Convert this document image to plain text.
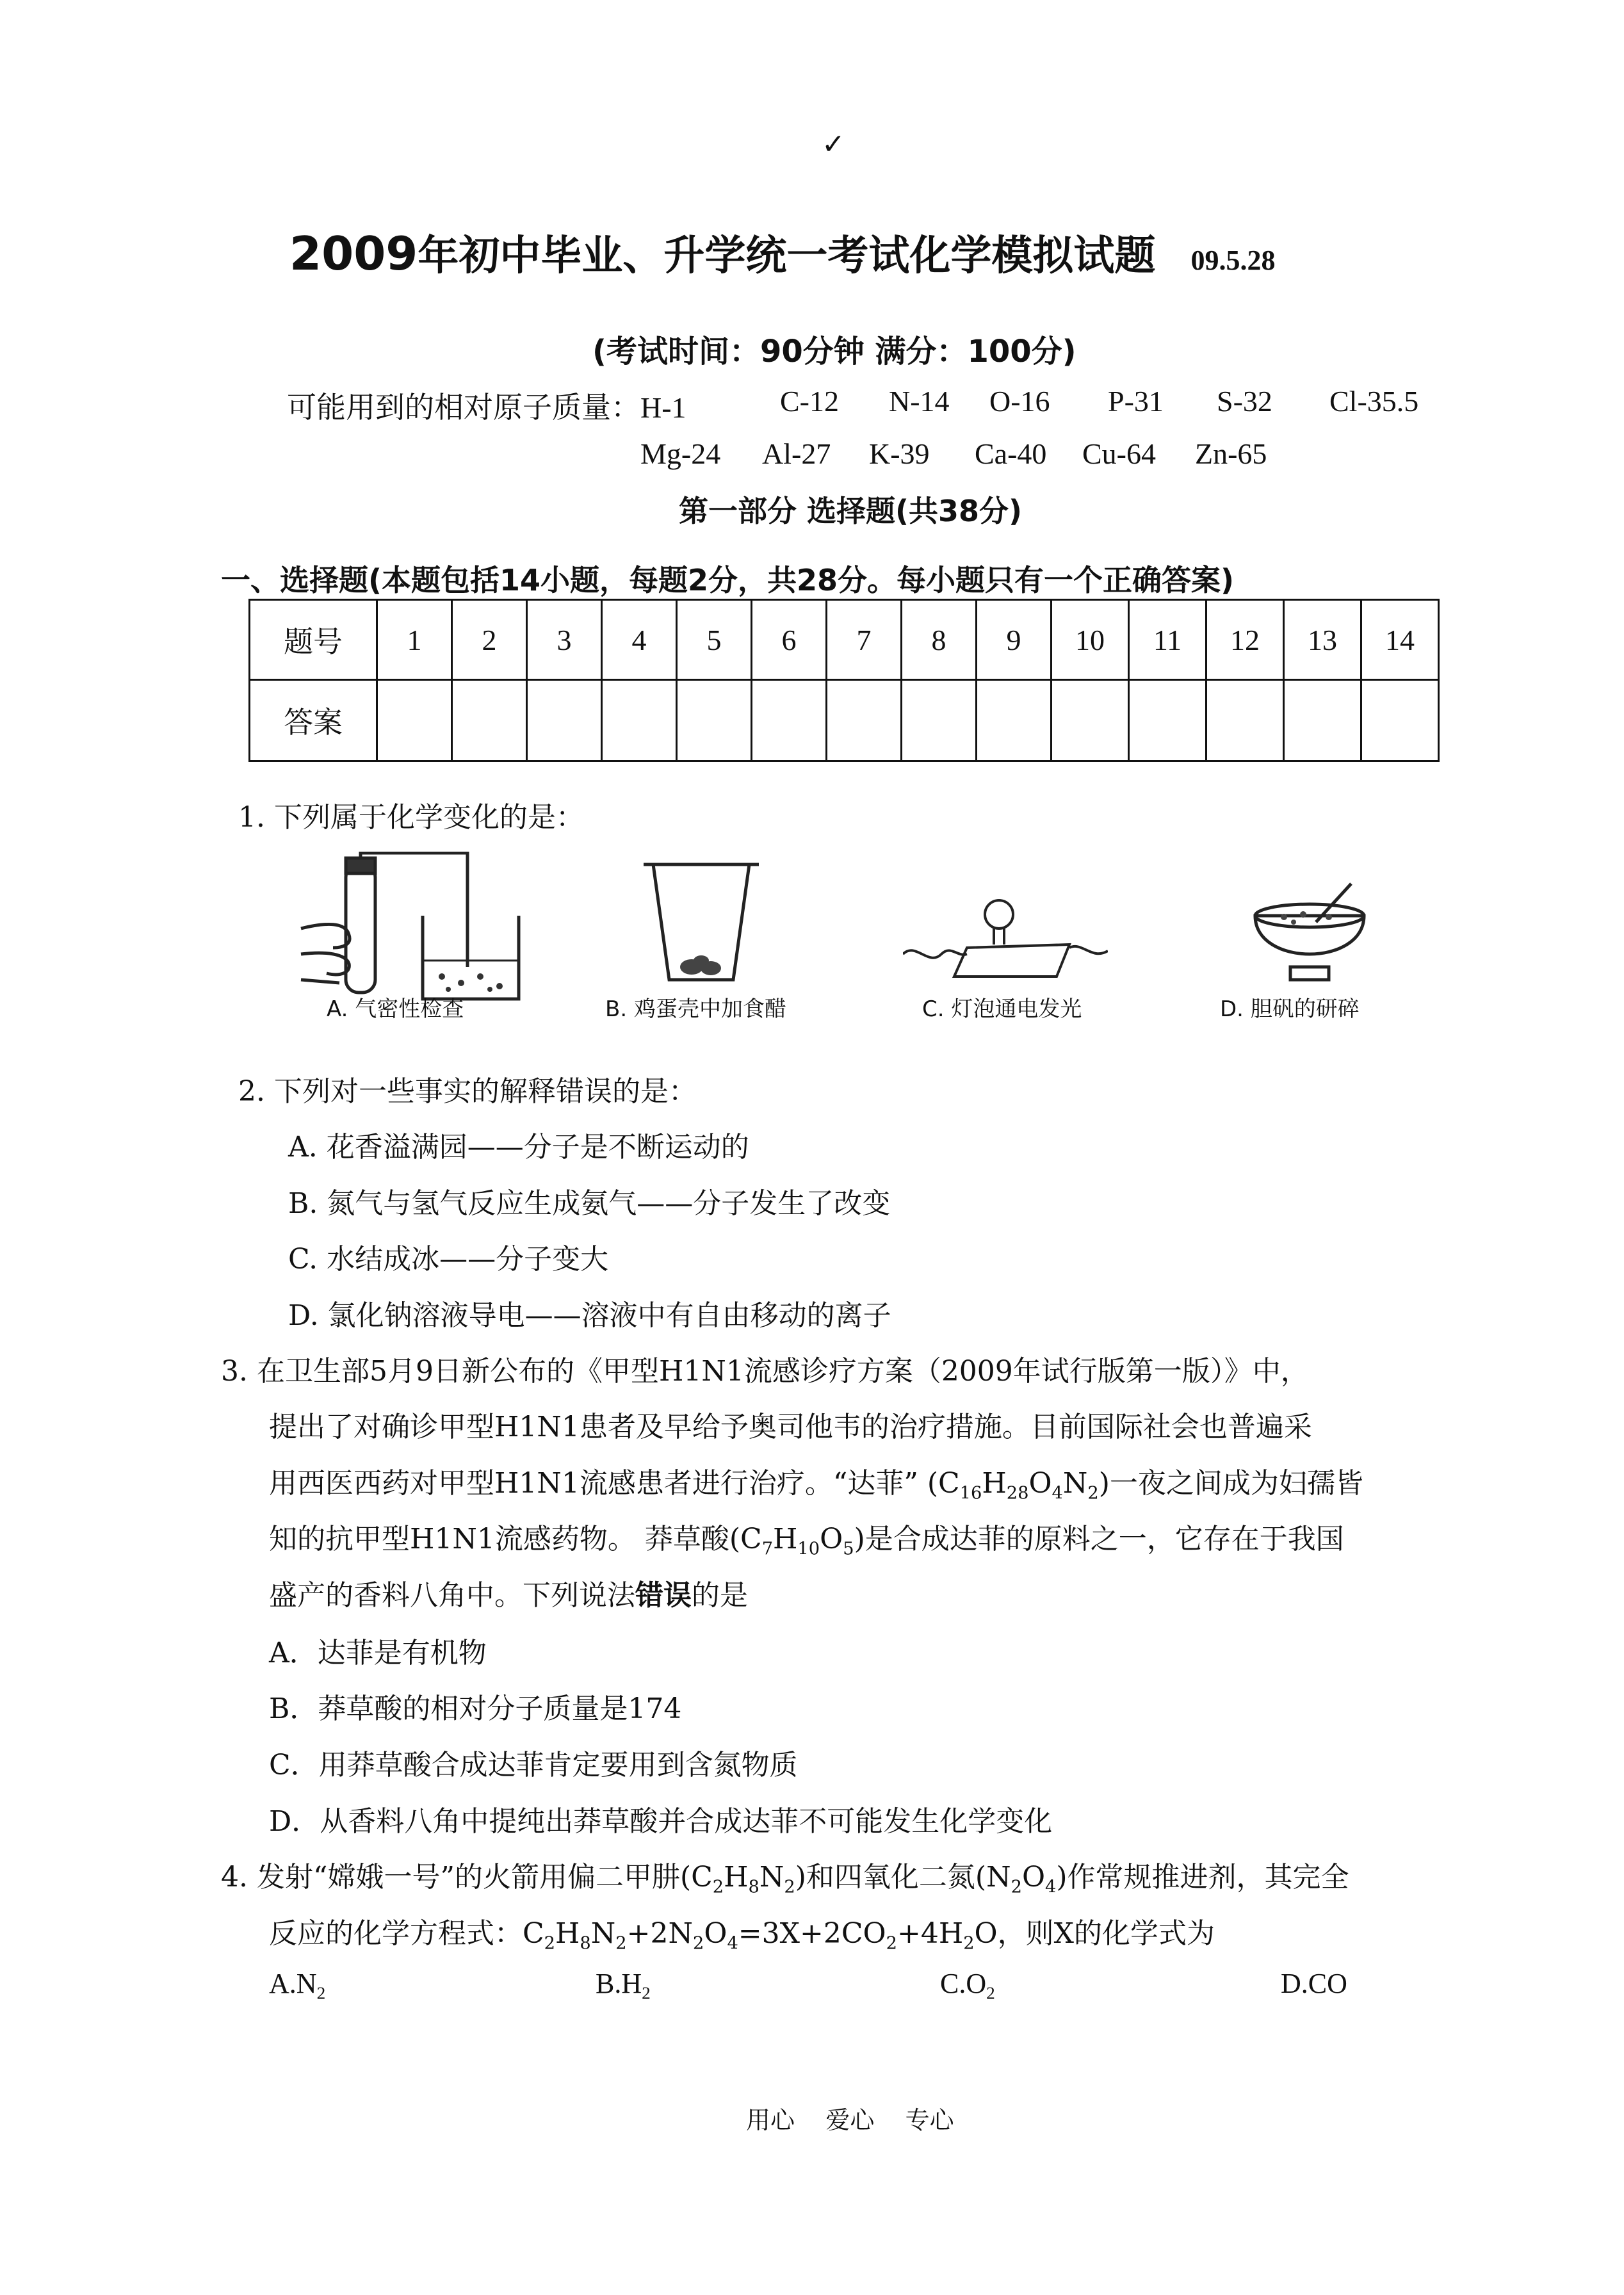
✓
2009年初中毕业、升学统一考试化学模拟试题 09.5.28
(考试时间：90分钟 满分：100分)
可能用到的相对原子质量：H-1	C-12 N-14 O-16 P-31 S-32 Cl-35.5
Mg-24 Al-27 K-39 Ca-40 Cu-64 Zn-65
第一部分 选择题(共38分)
一、选择题(本题包括14小题，每题2分，共28分。每小题只有一个正确答案)
题号	1	2	3	4	5	6	7	8	9	10	11	12	13	14
答案														
1. 下列属于化学变化的是：
A. 气密性检查	B. 鸡蛋壳中加食醋	C. 灯泡通电发光	D. 胆矾的研碎
2. 下列对一些事实的解释错误的是：
A. 花香溢满园——分子是不断运动的
B. 氮气与氢气反应生成氨气——分子发生了改变
C. 水结成冰——分子变大
D. 氯化钠溶液导电——溶液中有自由移动的离子
3. 在卫生部5月9日新公布的《甲型H1N1流感诊疗方案（2009年试行版第一版）》中，
提出了对确诊甲型H1N1患者及早给予奥司他韦的治疗措施。目前国际社会也普遍采
用西医西药对甲型H1N1流感患者进行治疗。“达菲” $(C_{16}H_{28}O_4N_2)$一夜之间成为妇孺皆
知的抗甲型H1N1流感药物。 莽草酸$(C_7H_{10}O_5)$是合成达菲的原料之一，它存在于我国
盛产的香料八角中。下列说法错误的是
A．达菲是有机物
B．莽草酸的相对分子质量是174
C．用莽草酸合成达菲肯定要用到含氮物质
D．从香料八角中提纯出莽草酸并合成达菲不可能发生化学变化
4. 发射“嫦娥一号”的火箭用偏二甲肼$(C_2H_8N_2)$和四氧化二氮$(N_2O_4)$作常规推进剂，其完全
反应的化学方程式：$C_2H_8N_2+2N_2O_4=3X+2CO_2+4H_2O$，则X的化学式为
$A.N_2$	$B.H_2$	$C.O_2$	D.CO
用心    爱心    专心
